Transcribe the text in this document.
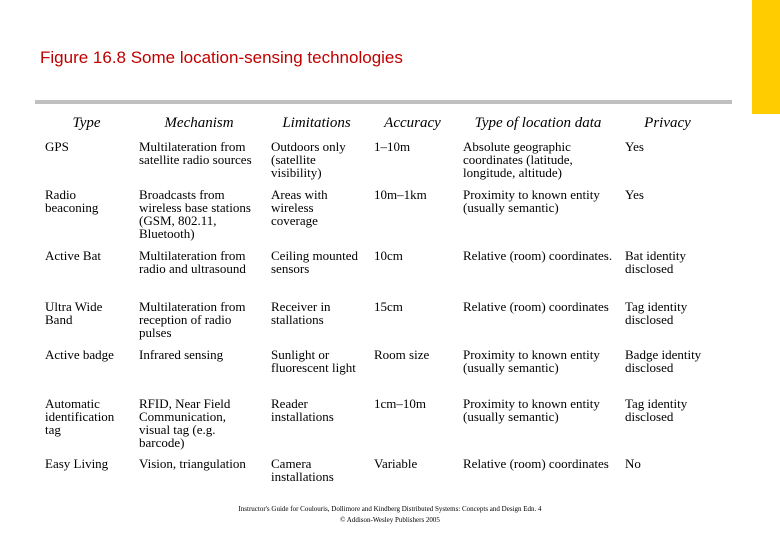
Figure 16.8 Some location-sensing technologies
Type	Mechanism	Limitations	Accuracy	Type of location data	Privacy
GPS	Multilateration from satellite radio sources	Outdoors only (satellite visibility)	1–10m	Absolute geographic coordinates (latitude, longitude, altitude)	Yes
Radio beaconing	Broadcasts from wireless base stations (GSM, 802.11, Bluetooth)	Areas with wireless coverage	10m–1km	Proximity to known entity (usually semantic)	Yes
Active Bat	Multilateration from radio and ultrasound	Ceiling mounted sensors	10cm	Relative (room) coordinates.	Bat identity disclosed
Ultra Wide Band	Multilateration from reception of radio pulses	Receiver in stallations	15cm	Relative (room) coordinates	Tag identity disclosed
Active badge	Infrared sensing	Sunlight or fluorescent light	Room size	Proximity to known entity (usually semantic)	Badge identity disclosed
Automatic identification tag	RFID, Near Field Communication, visual tag (e.g. barcode)	Reader installations	1cm–10m	Proximity to known entity (usually semantic)	Tag identity disclosed
Easy Living	Vision, triangulation	Camera installations	Variable	Relative (room) coordinates	No
Instructor's Guide for Coulouris, Dollimore and Kindberg Distributed Systems: Concepts and Design Edn. 4
© Addison-Wesley Publishers 2005
